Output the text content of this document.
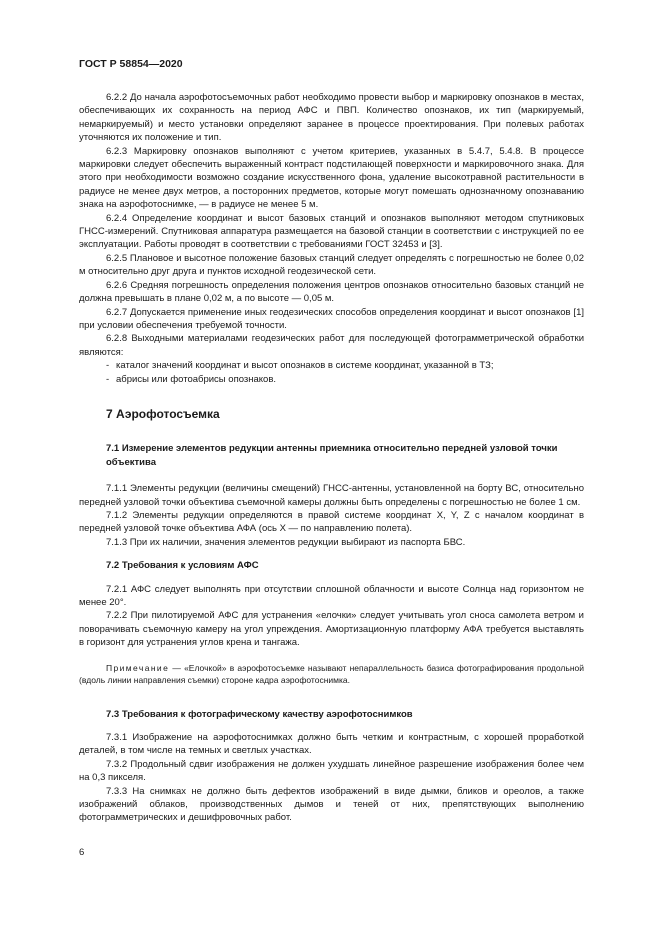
ГОСТ Р 58854—2020

6.2.2 До начала аэрофотосъемочных работ необходимо провести выбор и маркировку опознаков в местах, обеспечивающих их сохранность на период АФС и ПВП. Количество опознаков, их тип (маркируемый, немаркируемый) и место установки определяют заранее в процессе проектирования. При полевых работах уточняются их положение и тип.

6.2.3 Маркировку опознаков выполняют с учетом критериев, указанных в 5.4.7, 5.4.8. В процессе маркировки следует обеспечить выраженный контраст подстилающей поверхности и маркировочного знака. Для этого при необходимости возможно создание искусственного фона, удаление высокотравной растительности в радиусе не менее двух метров, а посторонних предметов, которые могут помешать однозначному опознаванию знака на аэрофотоснимке, — в радиусе не менее 5 м.

6.2.4 Определение координат и высот базовых станций и опознаков выполняют методом спутниковых ГНСС-измерений. Спутниковая аппаратура размещается на базовой станции в соответствии с инструкцией по ее эксплуатации. Работы проводят в соответствии с требованиями ГОСТ 32453 и [3].

6.2.5 Плановое и высотное положение базовых станций следует определять с погрешностью не более 0,02 м относительно друг друга и пунктов исходной геодезической сети.

6.2.6 Средняя погрешность определения положения центров опознаков относительно базовых станций не должна превышать в плане 0,02 м, а по высоте — 0,05 м.

6.2.7 Допускается применение иных геодезических способов определения координат и высот опознаков [1] при условии обеспечения требуемой точности.

6.2.8 Выходными материалами геодезических работ для последующей фотограмметрической обработки являются:

- каталог значений координат и высот опознаков в системе координат, указанной в ТЗ;
- абрисы или фотоабрисы опознаков.
7 Аэрофотосъемка
7.1 Измерение элементов редукции антенны приемника относительно передней узловой точки объектива

7.1.1 Элементы редукции (величины смещений) ГНСС-антенны, установленной на борту ВС, относительно передней узловой точки объектива съемочной камеры должны быть определены с погрешностью не более 1 см.

7.1.2 Элементы редукции определяются в правой системе координат X, Y, Z с началом координат в передней узловой точке объектива АФА (ось X — по направлению полета).

7.1.3 При их наличии, значения элементов редукции выбирают из паспорта БВС.

7.2 Требования к условиям АФС

7.2.1 АФС следует выполнять при отсутствии сплошной облачности и высоте Солнца над горизонтом не менее 20°.

7.2.2 При пилотируемой АФС для устранения «елочки» следует учитывать угол сноса самолета ветром и поворачивать съемочную камеру на угол упреждения. Амортизационную платформу АФА требуется выставлять в горизонт для устранения углов крена и тангажа.

Примечание — «Елочкой» в аэрофотосъемке называют непараллельность базиса фотографирования продольной (вдоль линии направления съемки) стороне кадра аэрофотоснимка.

7.3 Требования к фотографическому качеству аэрофотоснимков

7.3.1 Изображение на аэрофотоснимках должно быть четким и контрастным, с хорошей проработкой деталей, в том числе на темных и светлых участках.

7.3.2 Продольный сдвиг изображения не должен ухудшать линейное разрешение изображения более чем на 0,3 пикселя.

7.3.3 На снимках не должно быть дефектов изображений в виде дымки, бликов и ореолов, а также изображений облаков, производственных дымов и теней от них, препятствующих выполнению фотограмметрических и дешифровочных работ.

6
